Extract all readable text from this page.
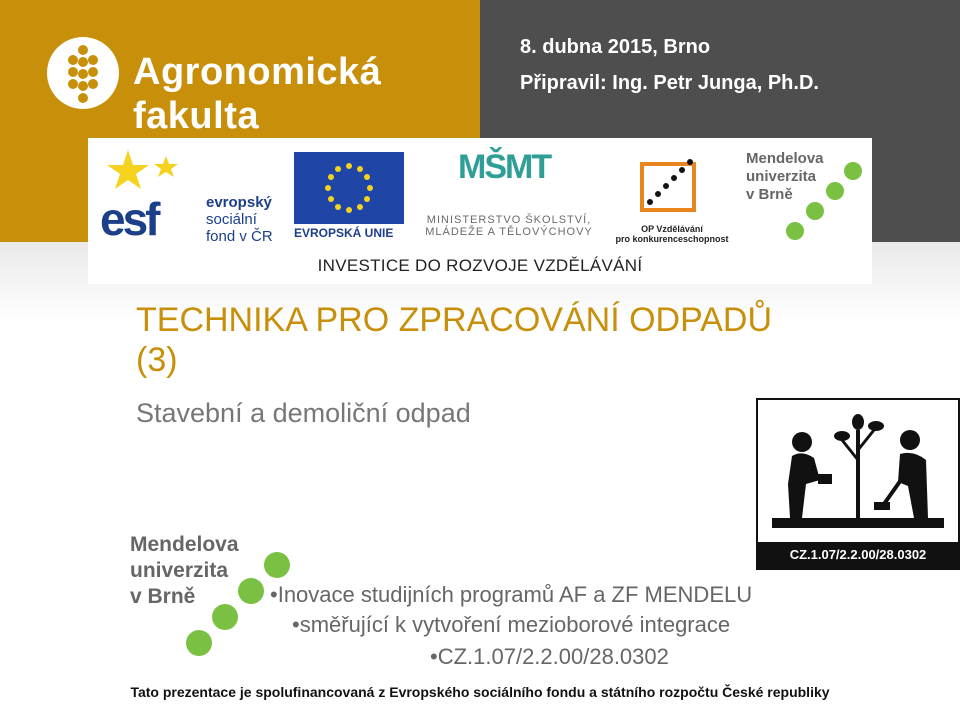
Agronomická
fakulta
8. dubna 2015, Brno
Připravil: Ing. Petr Junga, Ph.D.
esf	evropský
sociální
fond v ČR EVROPSKÁ UNIE
MŠMT
MINISTERSTVO ŠKOLSTVÍ,
MLÁDEŽE A TĚLOVÝCHOVY	OP Vzdělávání
pro konkurenceschopnost
Mendelova
univerzita
v Brně
INVESTICE DO ROZVOJE VZDĚLÁVÁNÍ
TECHNIKA PRO ZPRACOVÁNÍ ODPADŮ
(3)
Stavební a demoliční odpad
CZ.1.07/2.2.00/28.0302
Mendelova
univerzita
v Brně	•Inovace studijních programů AF a ZF MENDELU
•směřující k vytvoření mezioborové integrace
•CZ.1.07/2.2.00/28.0302
Tato prezentace je spolufinancovaná z Evropského sociálního fondu a státního rozpočtu České republiky
